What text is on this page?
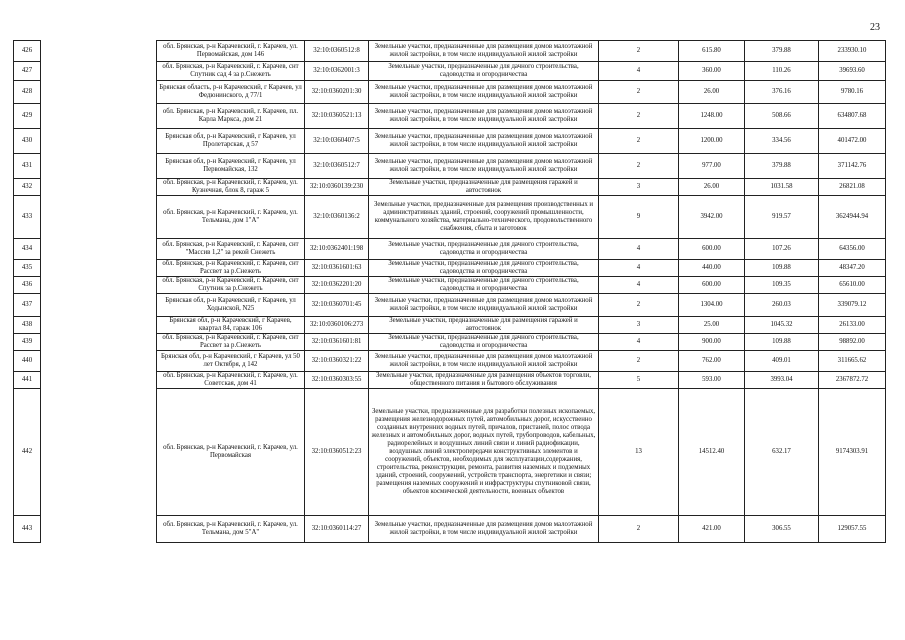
23
426		обл. Брянская, р-н Карачевский, г. Карачев, ул. Первомайская, дом 146	32:10:0360512:8	Земельные участки, предназначенные для размещения домов малоэтажной жилой застройки, в том числе индивидуальной жилой застройки	2	615.80	379.88	233930.10
427		обл. Брянская, р-н Карачевский, г. Карачев, снт Спутник сад 4 за р.Снежеть	32:10:0362001:3	Земельные участки, предназначенные для дачного строительства, садоводства и огородничества	4	360.00	110.26	39693.60
428		Брянская область, р-н Карачевский, г Карачев, ул Федюнинского, д 77/1	32:10:0360201:30	Земельные участки, предназначенные для размещения домов малоэтажной жилой застройки, в том числе индивидуальной жилой застройки	2	26.00	376.16	9780.16
429		обл. Брянская, р-н Карачевский, г. Карачев, пл. Карла Маркса, дом 21	32:10:0360521:13	Земельные участки, предназначенные для размещения домов малоэтажной жилой застройки, в том числе индивидуальной жилой застройки	2	1248.00	508.66	634807.68
430		Брянская обл, р-н Карачевский, г Карачев, ул Пролетарская, д 57	32:10:0360407:5	Земельные участки, предназначенные для размещения домов малоэтажной жилой застройки, в том числе индивидуальной жилой застройки	2	1200.00	334.56	401472.00
431		Брянская обл, р-н Карачевский, г Карачев, ул Первомайская, 132	32:10:0360512:7	Земельные участки, предназначенные для размещения домов малоэтажной жилой застройки, в том числе индивидуальной жилой застройки	2	977.00	379.88	371142.76
432		обл. Брянская, р-н Карачевский, г. Карачев, ул. Кузнечная, блок 8, гараж 5	32:10:0360139:230	Земельные участки, предназначенные для размещения гаражей и автостоянок	3	26.00	1031.58	26821.08
433		обл. Брянская, р-н Карачевский, г. Карачев, ул. Тельмана, дом 1"А"	32:10:0360136:2	Земельные участки, предназначенные для размещения производственных и административных зданий, строений, сооружений промышленности, коммунального хозяйства, материально-технического, продовольственного снабжения, сбыта и заготовок	9	3942.00	919.57	3624944.94
434		обл. Брянская, р-н Карачевский, г. Карачев, снт "Массив 1,2" за рекой Снежеть	32:10:0362401:198	Земельные участки, предназначенные для дачного строительства, садоводства и огородничества	4	600.00	107.26	64356.00
435		обл. Брянская, р-н Карачевский, г. Карачев, снт Рассвет за р.Снежеть	32:10:0361601:63	Земельные участки, предназначенные для дачного строительства, садоводства и огородничества	4	440.00	109.88	48347.20
436		обл. Брянская, р-н Карачевский, г. Карачев, снт Спутник за р.Снежеть	32:10:0362201:20	Земельные участки, предназначенные для дачного строительства, садоводства и огородничества	4	600.00	109.35	65610.00
437		Брянская обл, р-н Карачевский, г Карачев, ул Ходынской, N25	32:10:0360701:45	Земельные участки, предназначенные для размещения домов малоэтажной жилой застройки, в том числе индивидуальной жилой застройки	2	1304.00	260.03	339079.12
438		Брянская обл, р-н Карачевский, г Карачев, квартал 84, гараж 106	32:10:0360106:273	Земельные участки, предназначенные для размещения гаражей и автостоянок	3	25.00	1045.32	26133.00
439		обл. Брянская, р-н Карачевский, г. Карачев, снт Рассвет за р.Снежеть	32:10:0361601:81	Земельные участки, предназначенные для дачного строительства, садоводства и огородничества	4	900.00	109.88	98892.00
440		Брянская обл, р-н Карачевский, г Карачев, ул 50 лет Октября, д 142	32:10:0360321:22	Земельные участки, предназначенные для размещения домов малоэтажной жилой застройки, в том числе индивидуальной жилой застройки	2	762.00	409.01	311665.62
441		обл. Брянская, р-н Карачевский, г. Карачев, ул. Советская, дом 41	32:10:0360303:55	Земельные участки, предназначенные для размещения объектов торговли, общественного питания и бытового обслуживания	5	593.00	3993.04	2367872.72
442		обл. Брянская, р-н Карачевский, г. Карачев, ул. Первомайская	32:10:0360512:23	Земельные участки, предназначенные для разработки полезных ископаемых, размещения железнодорожных путей, автомобильных дорог, искусственно созданных внутренних водных путей, причалов, пристаней, полос отвода железных и автомобильных дорог, водных путей, трубопроводов, кабельных, радиорелейных и воздушных линий связи и линий радиофикации, воздушных линий электропередачи конструктивных элементов и сооружений, объектов, необходимых для эксплуатации,содержания, строительства, реконструкции, ремонта, развития наземных и подземных зданий, строений, сооружений, устройств транспорта, энергетики и связи; размещения наземных сооружений и инфраструктуры спутниковой связи, объектов космической деятельности, военных объектов	13	14512.40	632.17	9174303.91
443		обл. Брянская, р-н Карачевский, г. Карачев, ул. Тельмана, дом 5"А"	32:10:0360114:27	Земельные участки, предназначенные для размещения домов малоэтажной жилой застройки, в том числе индивидуальной жилой застройки	2	421.00	306.55	129057.55
